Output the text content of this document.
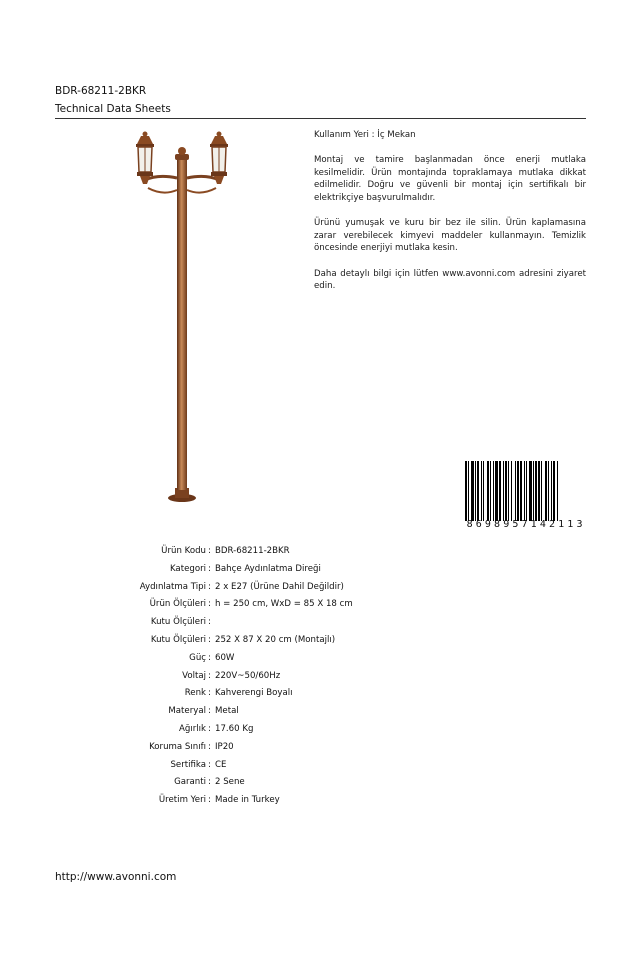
BDR-68211-2BKR
Technical Data Sheets

Kullanım Yeri : İç Mekan

Montaj ve tamire başlanmadan önce enerji mutlaka kesilmelidir. Ürün montajında topraklamaya mutlaka dikkat edilmelidir. Doğru ve güvenli bir montaj için sertifikalı bir elektrikçiye başvurulmalıdır.

Ürünü yumuşak ve kuru bir bez ile silin. Ürün kaplamasına zarar verebilecek kimyevi maddeler kullanmayın. Temizlik öncesinde enerjiyi mutlaka kesin.

Daha detaylı bilgi için lütfen www.avonni.com adresini ziyaret edin.

8 6 9 8 9 5 7 1 4 2 1 1 3
Ürün Kodu : BDR-68211-2BKR
Kategori : Bahçe Aydınlatma Direği
Aydınlatma Tipi : 2 x E27 (Ürüne Dahil Değildir)
Ürün Ölçüleri : h = 250 cm, WxD = 85 X 18 cm
Kutu Ölçüleri :
Kutu Ölçüleri : 252 X 87 X 20 cm (Montajlı)
Güç : 60W
Voltaj : 220V~50/60Hz
Renk : Kahverengi Boyalı
Materyal : Metal
Ağırlık : 17.60 Kg
Koruma Sınıfı : IP20
Sertifika : CE
Garanti : 2 Sene
Üretim Yeri : Made in Turkey
http://www.avonni.com
